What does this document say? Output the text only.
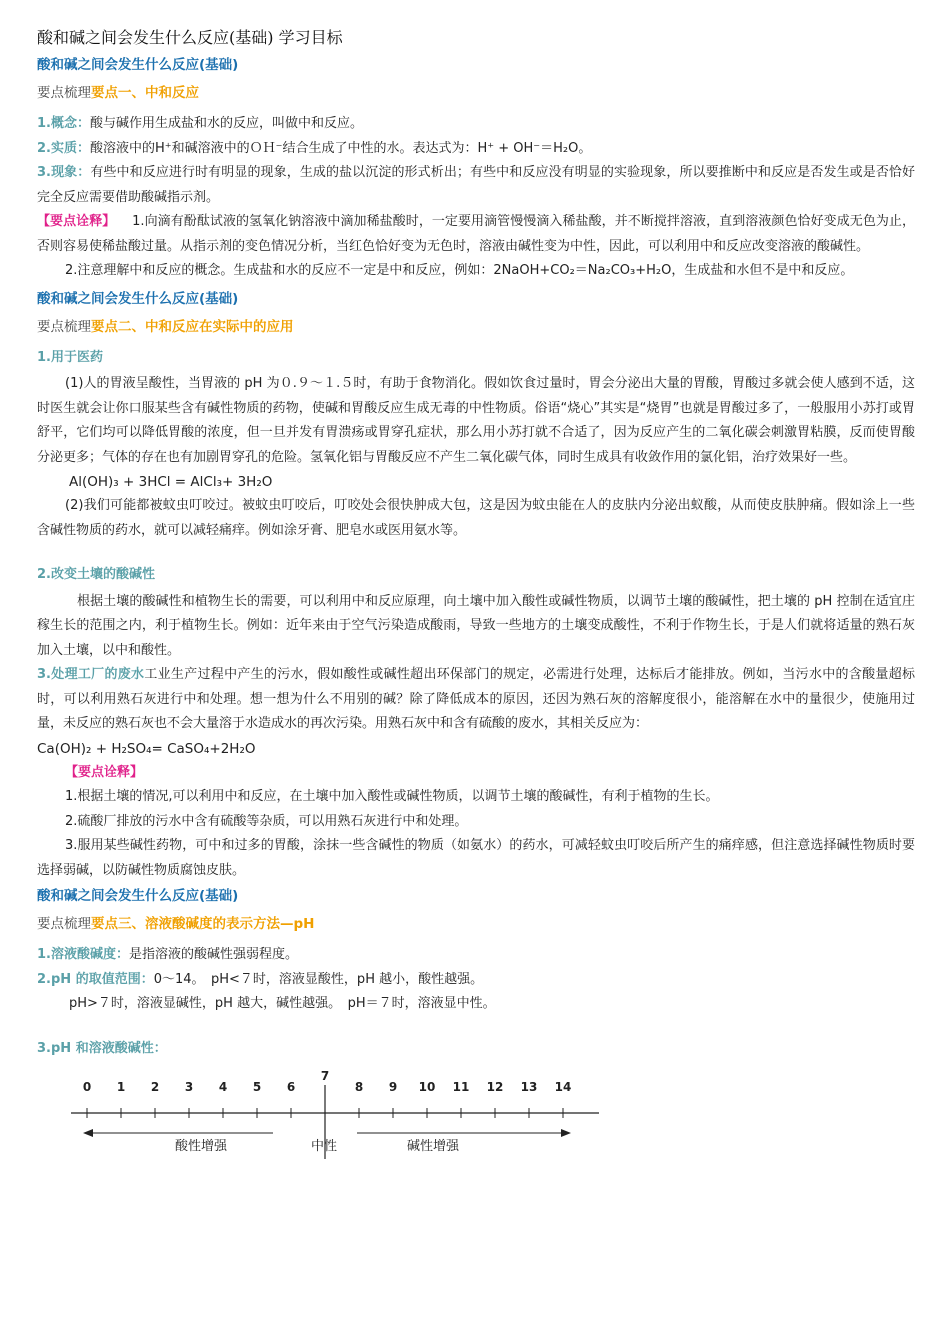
酸和碱之间会发生什么反应(基础) 学习目标
酸和碱之间会发生什么反应(基础)
要点梳理要点一、中和反应

1.概念：酸与碱作用生成盐和水的反应，叫做中和反应。

2.实质：酸溶液中的H⁺和碱溶液中的ＯＨ⁻结合生成了中性的水。表达式为：H⁺ + OH⁻＝H₂O。

3.现象：有些中和反应进行时有明显的现象，生成的盐以沉淀的形式析出；有些中和反应没有明显的实验现象，所以要推断中和反应是否发生或是否恰好完全反应需要借助酸碱指示剂。

【要点诠释】 1.向滴有酚酞试液的氢氧化钠溶液中滴加稀盐酸时，一定要用滴管慢慢滴入稀盐酸，并不断搅拌溶液，直到溶液颜色恰好变成无色为止，否则容易使稀盐酸过量。从指示剂的变色情况分析，当红色恰好变为无色时，溶液由碱性变为中性，因此，可以利用中和反应改变溶液的酸碱性。

2.注意理解中和反应的概念。生成盐和水的反应不一定是中和反应，例如：2NaOH+CO₂＝Na₂CO₃+H₂O，生成盐和水但不是中和反应。

酸和碱之间会发生什么反应(基础)
要点梳理要点二、中和反应在实际中的应用

1.用于医药

(1)人的胃液呈酸性，当胃液的 pH 为０.９～１.５时，有助于食物消化。假如饮食过量时，胃会分泌出大量的胃酸，胃酸过多就会使人感到不适，这时医生就会让你口服某些含有碱性物质的药物，使碱和胃酸反应生成无毒的中性物质。俗语“烧心”其实是“烧胃”也就是胃酸过多了，一般服用小苏打或胃舒平，它们均可以降低胃酸的浓度，但一旦并发有胃溃疡或胃穿孔症状，那么用小苏打就不合适了，因为反应产生的二氧化碳会刺激胃粘膜，反而使胃酸分泌更多；气体的存在也有加剧胃穿孔的危险。氢氧化铝与胃酸反应不产生二氧化碳气体，同时生成具有收敛作用的氯化铝，治疗效果好一些。

Al(OH)₃ + 3HCl = AlCl₃+ 3H₂O

(2)我们可能都被蚊虫叮咬过。被蚊虫叮咬后，叮咬处会很快肿成大包，这是因为蚊虫能在人的皮肤内分泌出蚁酸，从而使皮肤肿痛。假如涂上一些含碱性物质的药水，就可以减轻痛痒。例如涂牙膏、肥皂水或医用氨水等。

2.改变土壤的酸碱性

根据土壤的酸碱性和植物生长的需要，可以利用中和反应原理，向土壤中加入酸性或碱性物质，以调节土壤的酸碱性，把土壤的 pH 控制在适宜庄稼生长的范围之内，利于植物生长。例如：近年来由于空气污染造成酸雨，导致一些地方的土壤变成酸性，不利于作物生长，于是人们就将适量的熟石灰加入土壤，以中和酸性。

3.处理工厂的废水工业生产过程中产生的污水，假如酸性或碱性超出环保部门的规定，必需进行处理，达标后才能排放。例如，当污水中的含酸量超标时，可以利用熟石灰进行中和处理。想一想为什么不用别的碱？除了降低成本的原因，还因为熟石灰的溶解度很小，能溶解在水中的量很少，使施用过量，未反应的熟石灰也不会大量溶于水造成水的再次污染。用熟石灰中和含有硫酸的废水，其相关反应为：

Ca(OH)₂ + H₂SO₄= CaSO₄+2H₂O

【要点诠释】

1.根据土壤的情况,可以利用中和反应，在土壤中加入酸性或碱性物质，以调节土壤的酸碱性，有利于植物的生长。

2.硫酸厂排放的污水中含有硫酸等杂质，可以用熟石灰进行中和处理。

3.服用某些碱性药物，可中和过多的胃酸，涂抹一些含碱性的物质（如氨水）的药水，可减轻蚊虫叮咬后所产生的痛痒感，但注意选择碱性物质时要选择弱碱，以防碱性物质腐蚀皮肤。

酸和碱之间会发生什么反应(基础)
要点梳理要点三、溶液酸碱度的表示方法—pH

1.溶液酸碱度：是指溶液的酸碱性强弱程度。

2.pH 的取值范围：0～14。　pH<７时，溶液显酸性，pH 越小，酸性越强。

pH>７时，溶液显碱性，pH 越大，碱性越强。　pH＝７时，溶液显中性。

3.pH 和溶液酸碱性：

酸性增强	中性	碱性增强
0 1 2 3 4 5 6
7
8 9 10 11 12 13 14
